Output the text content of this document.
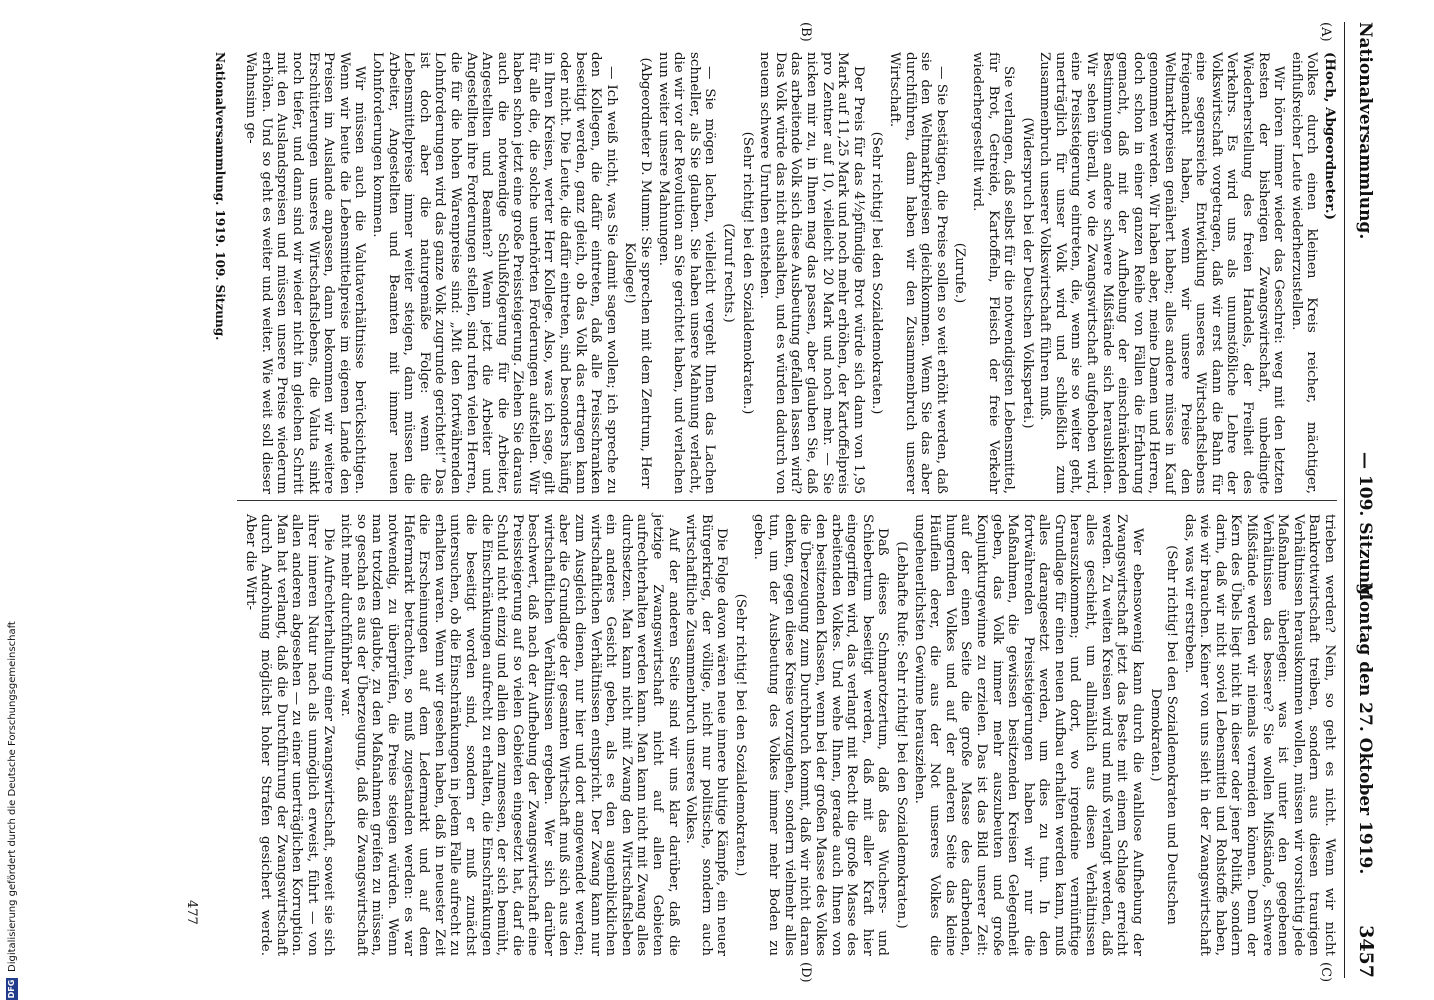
Nationalversammlung.
— 109. Sitzung.
Montag den 27. Oktober 1919.
3457
(A)
(B)
(C)
(D)

(Hoch, Abgeordneter.)

Volkes durch einen kleinen Kreis reicher, mächtiger, einflußreicher Leute wiederherzustellen.

Wir hören immer wieder das Geschrei: weg mit den letzten Resten der bisherigen Zwangswirtschaft, unbedingte Wiederherstellung des freien Handels, der Freiheit des Verkehrs. Es wird uns als unumstößliche Lehre der Volkswirtschaft vorgetragen, daß wir erst dann die Bahn für eine segensreiche Entwicklung unseres Wirtschaftslebens freigemacht haben, wenn wir unsere Preise den Weltmarktpreisen genähert haben; alles andere müsse in Kauf genommen werden. Wir haben aber, meine Damen und Herren, doch schon in einer ganzen Reihe von Fällen die Erfahrung gemacht, daß mit der Aufhebung der einschränkenden Bestimmungen andere schwere Mißstände sich herausbilden. Wir sehen überall, wo die Zwangswirtschaft aufgehoben wird, eine Preissteigerung eintreten, die, wenn sie so weiter geht, unerträglich für unser Volk wird und schließlich zum Zusammenbruch unserer Volkswirtschaft führen muß.

(Widerspruch bei der Deutschen Volkspartei.)

Sie verlangen, daß selbst für die notwendigsten Lebensmittel, für Brot, Getreide, Kartoffeln, Fleisch der freie Verkehr wiederhergestellt wird.

(Zurufe.)

— Sie bestätigen, die Preise sollen so weit erhöht werden, daß sie den Weltmarktpreisen gleichkommen. Wenn Sie das aber durchführen, dann haben wir den Zusammenbruch unserer Wirtschaft.

(Sehr richtig! bei den Sozialdemokraten.)

Der Preis für das 4½pfündige Brot würde sich dann von 1,95 Mark auf 11,25 Mark und noch mehr erhöhen, der Kartoffelpreis pro Zentner auf 10, vielleicht 20 Mark und noch mehr. — Sie nicken mir zu, in Ihnen mag das passen, aber glauben Sie, daß das arbeitende Volk sich diese Ausbeutung gefallen lassen wird? Das Volk würde das nicht aushalten, und es würden dadurch von neuem schwere Unruhen entstehen.

(Sehr richtig! bei den Sozialdemokraten.)

(Zuruf rechts.)

— Sie mögen lachen, vielleicht vergeht Ihnen das Lachen schneller, als Sie glauben. Sie haben unsere Mahnung verlacht, die wir vor der Revolution an Sie gerichtet haben, und verlachen nun weiter unsere Mahnungen.

(Abgeordneter D. Mumm: Sie sprechen mit dem Zentrum, Herr Kollege!)

— Ich weiß nicht, was Sie damit sagen wollen; ich spreche zu den Kollegen, die dafür eintreten, daß alle Preisschranken beseitigt werden, ganz gleich, ob das Volk das ertragen kann oder nicht. Die Leute, die dafür eintreten, sind besonders häufig in Ihren Kreisen, werter Herr Kollege. Also, was ich sage, gilt für alle die, die solche unerhörten Forderungen aufstellen. Wir haben schon jetzt eine große Preissteigerung. Ziehen Sie daraus auch die notwendige Schlußfolgerung für die Arbeiter, Angestellten und Beamten? Wenn jetzt die Arbeiter und Angestellten ihre Forderungen stellen, sind rufen vielen Herren, die für die hohen Warenpreise sind: „Mit den fortwährenden Lohnforderungen wird das ganze Volk zugrunde gerichtet!“ Das ist doch aber die naturgemäße Folge: wenn die Lebensmittelpreise immer weiter steigen, dann müssen die Arbeiter, Angestellten und Beamten mit immer neuen Lohnforderungen kommen.

Wir müssen auch die Valutaverhältnisse berücksichtigen. Wenn wir heute die Lebensmittelpreise im eigenen Lande den Preisen im Auslande anpassen, dann bekommen wir weitere Erschütterungen unseres Wirtschaftslebens, die Valuta sinkt noch tiefer, und dann sind wir wieder nicht im gleichen Schritt mit den Auslandspreisen und müssen unsere Preise wiederum erhöhen. Und so geht es weiter und weiter. Wie weit soll dieser Wahnsinn ge-

trieben werden? Nein, so geht es nicht. Wenn wir nicht Bankrottwirtschaft treiben, sondern aus diesen traurigen Verhältnissen herauskommen wollen, müssen wir vorsichtig jede Maßnahme überlegen: was ist unter den gegebenen Verhältnissen das bessere? Sie wollen Mißstände, schwere Mißstände werden wir niemals vermeiden können. Denn der Kern des Übels liegt nicht in dieser oder jener Politik, sondern darin, daß wir nicht soviel Lebensmittel und Rohstoffe haben, wie wir brauchen. Keiner von uns sieht in der Zwangswirtschaft das, was wir erstreben.

(Sehr richtig! bei den Sozialdemokraten und Deutschen Demokraten.)

Wer ebensowenig kann durch die wahllose Aufhebung der Zwangswirtschaft jetzt das Beste mit einem Schlage erreicht werden. Zu weiten Kreisen wird und muß verlangt werden, daß alles geschieht, um allmählich aus diesen Verhältnissen herauszukommen; und dort, wo irgendeine vernünftige Grundlage für einen neuen Aufbau erhalten werden kann, muß alles darangesetzt werden, um dies zu tun. In den fortwährenden Preissteigerungen haben wir nur die Maßnahmen, die gewissen besitzenden Kreisen Gelegenheit geben, das Volk immer mehr auszubeuten und große Konjunkturgewinne zu erzielen. Das ist das Bild unserer Zeit: auf der einen Seite die große Masse des darbenden, hungernden Volkes und auf der anderen Seite das kleine Häuflein derer, die aus der Not unseres Volkes die ungeheuerlichsten Gewinne herausziehen.

(Lebhafte Rufe: Sehr richtig! bei den Sozialdemokraten.)

Daß dieses Schmarotzertum, daß das Wuchers- und Schiebertum beseitigt werden, daß mit aller Kraft hier eingegriffen wird, das verlangt mit Recht die große Masse des arbeitenden Volkes. Und wehe Ihnen, gerade auch Ihnen von den besitzenden Klassen, wenn bei der großen Masse des Volkes die Überzeugung zum Durchbruch kommt, daß wir nicht daran denken, gegen diese Kreise vorzugehen, sondern vielmehr alles tun, um der Ausbeutung des Volkes immer mehr Boden zu geben.

(Sehr richtig! bei den Sozialdemokraten.)

Die Folge davon wären neue innere blutige Kämpfe, ein neuer Bürgerkrieg, der völlige, nicht nur politische, sondern auch wirtschaftliche Zusammenbruch unseres Volkes.

Auf der anderen Seite sind wir uns klar darüber, daß die jetzige Zwangswirtschaft nicht auf allen Gebieten aufrechterhalten werden kann. Man kann nicht mit Zwang alles durchsetzen. Man kann nicht mit Zwang den Wirtschaftsleben ein anderes Gesicht geben, als es den augenblicklichen wirtschaftlichen Verhältnissen entspricht. Der Zwang kann nur zum Ausgleich dienen, nur hier und dort angewendet werden; aber die Grundlage der gesamten Wirtschaft muß sich aus den wirtschaftlichen Verhältnissen ergeben. Wer sich darüber beschwert, daß nach der Aufhebung der Zwangswirtschaft eine Preissteigerung auf so vielen Gebieten eingesetzt hat, darf die Schuld nicht einzig und allein dem zumessen, der sich bemüht, die Einschränkungen aufrecht zu erhalten, die Einschränkungen die beseitigt worden sind, sondern er muß zunächst untersuchen, ob die Einschränkungen in jedem Falle aufrecht zu erhalten waren. Wenn wir gesehen haben, daß in neuester Zeit die Erscheinungen auf dem Ledermarkt und auf dem Hafermarkt betrachten, so muß zugestanden werden: es war notwendig, zu überprüfen, die Preise steigen würden. Wenn man trotzdem glaubte, zu den Maßnahmen greifen zu müssen, so geschah es aus der Überzeugung, daß die Zwangswirtschaft nicht mehr durchführbar war.

Die Aufrechterhaltung einer Zwangswirtschaft, soweit sie sich ihrer inneren Natur nach als unmöglich erweist, führt — von allen anderen abgesehen — zu einer unerträglichen Korruption. Man hat verlangt, daß die Durchführung der Zwangswirtschaft durch Androhung möglichst hoher Strafen gesichert werde. Aber die Wirt-

Nationalversammlung. 1919. 109. Sitzung.
477
DFG
Digitalisierung gefördert durch die Deutsche Forschungsgemeinschaft
